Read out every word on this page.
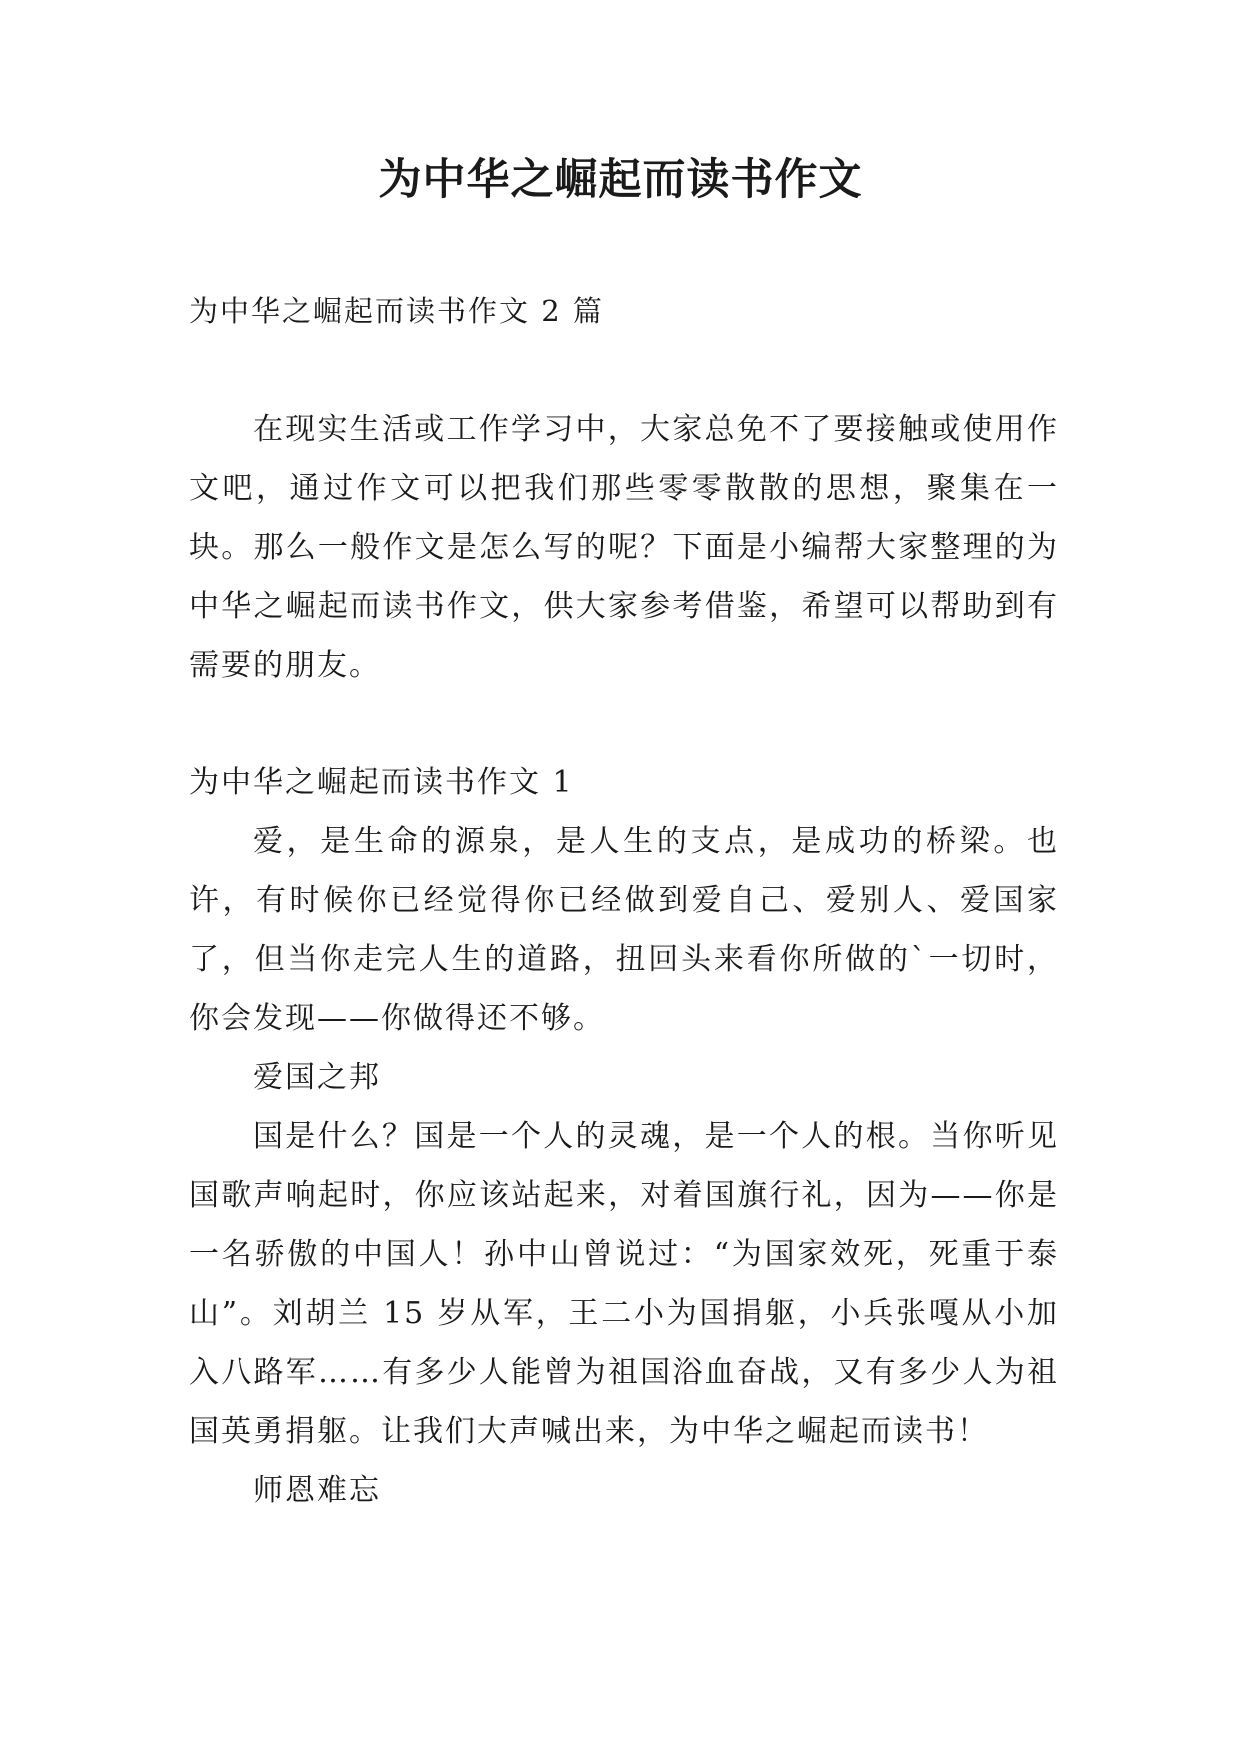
为中华之崛起而读书作文

为中华之崛起而读书作文 2 篇

在现实生活或工作学习中，大家总免不了要接触或使用作文吧，通过作文可以把我们那些零零散散的思想，聚集在一块。那么一般作文是怎么写的呢？下面是小编帮大家整理的为中华之崛起而读书作文，供大家参考借鉴，希望可以帮助到有需要的朋友。

为中华之崛起而读书作文 1

爱，是生命的源泉，是人生的支点，是成功的桥梁。也许，有时候你已经觉得你已经做到爱自己、爱别人、爱国家了，但当你走完人生的道路，扭回头来看你所做的`一切时，你会发现——你做得还不够。

爱国之邦

国是什么？国是一个人的灵魂，是一个人的根。当你听见国歌声响起时，你应该站起来，对着国旗行礼，因为——你是一名骄傲的中国人！孙中山曾说过：“为国家效死，死重于泰山”。刘胡兰 15 岁从军，王二小为国捐躯，小兵张嘎从小加入八路军……有多少人能曾为祖国浴血奋战，又有多少人为祖国英勇捐躯。让我们大声喊出来，为中华之崛起而读书！

师恩难忘
